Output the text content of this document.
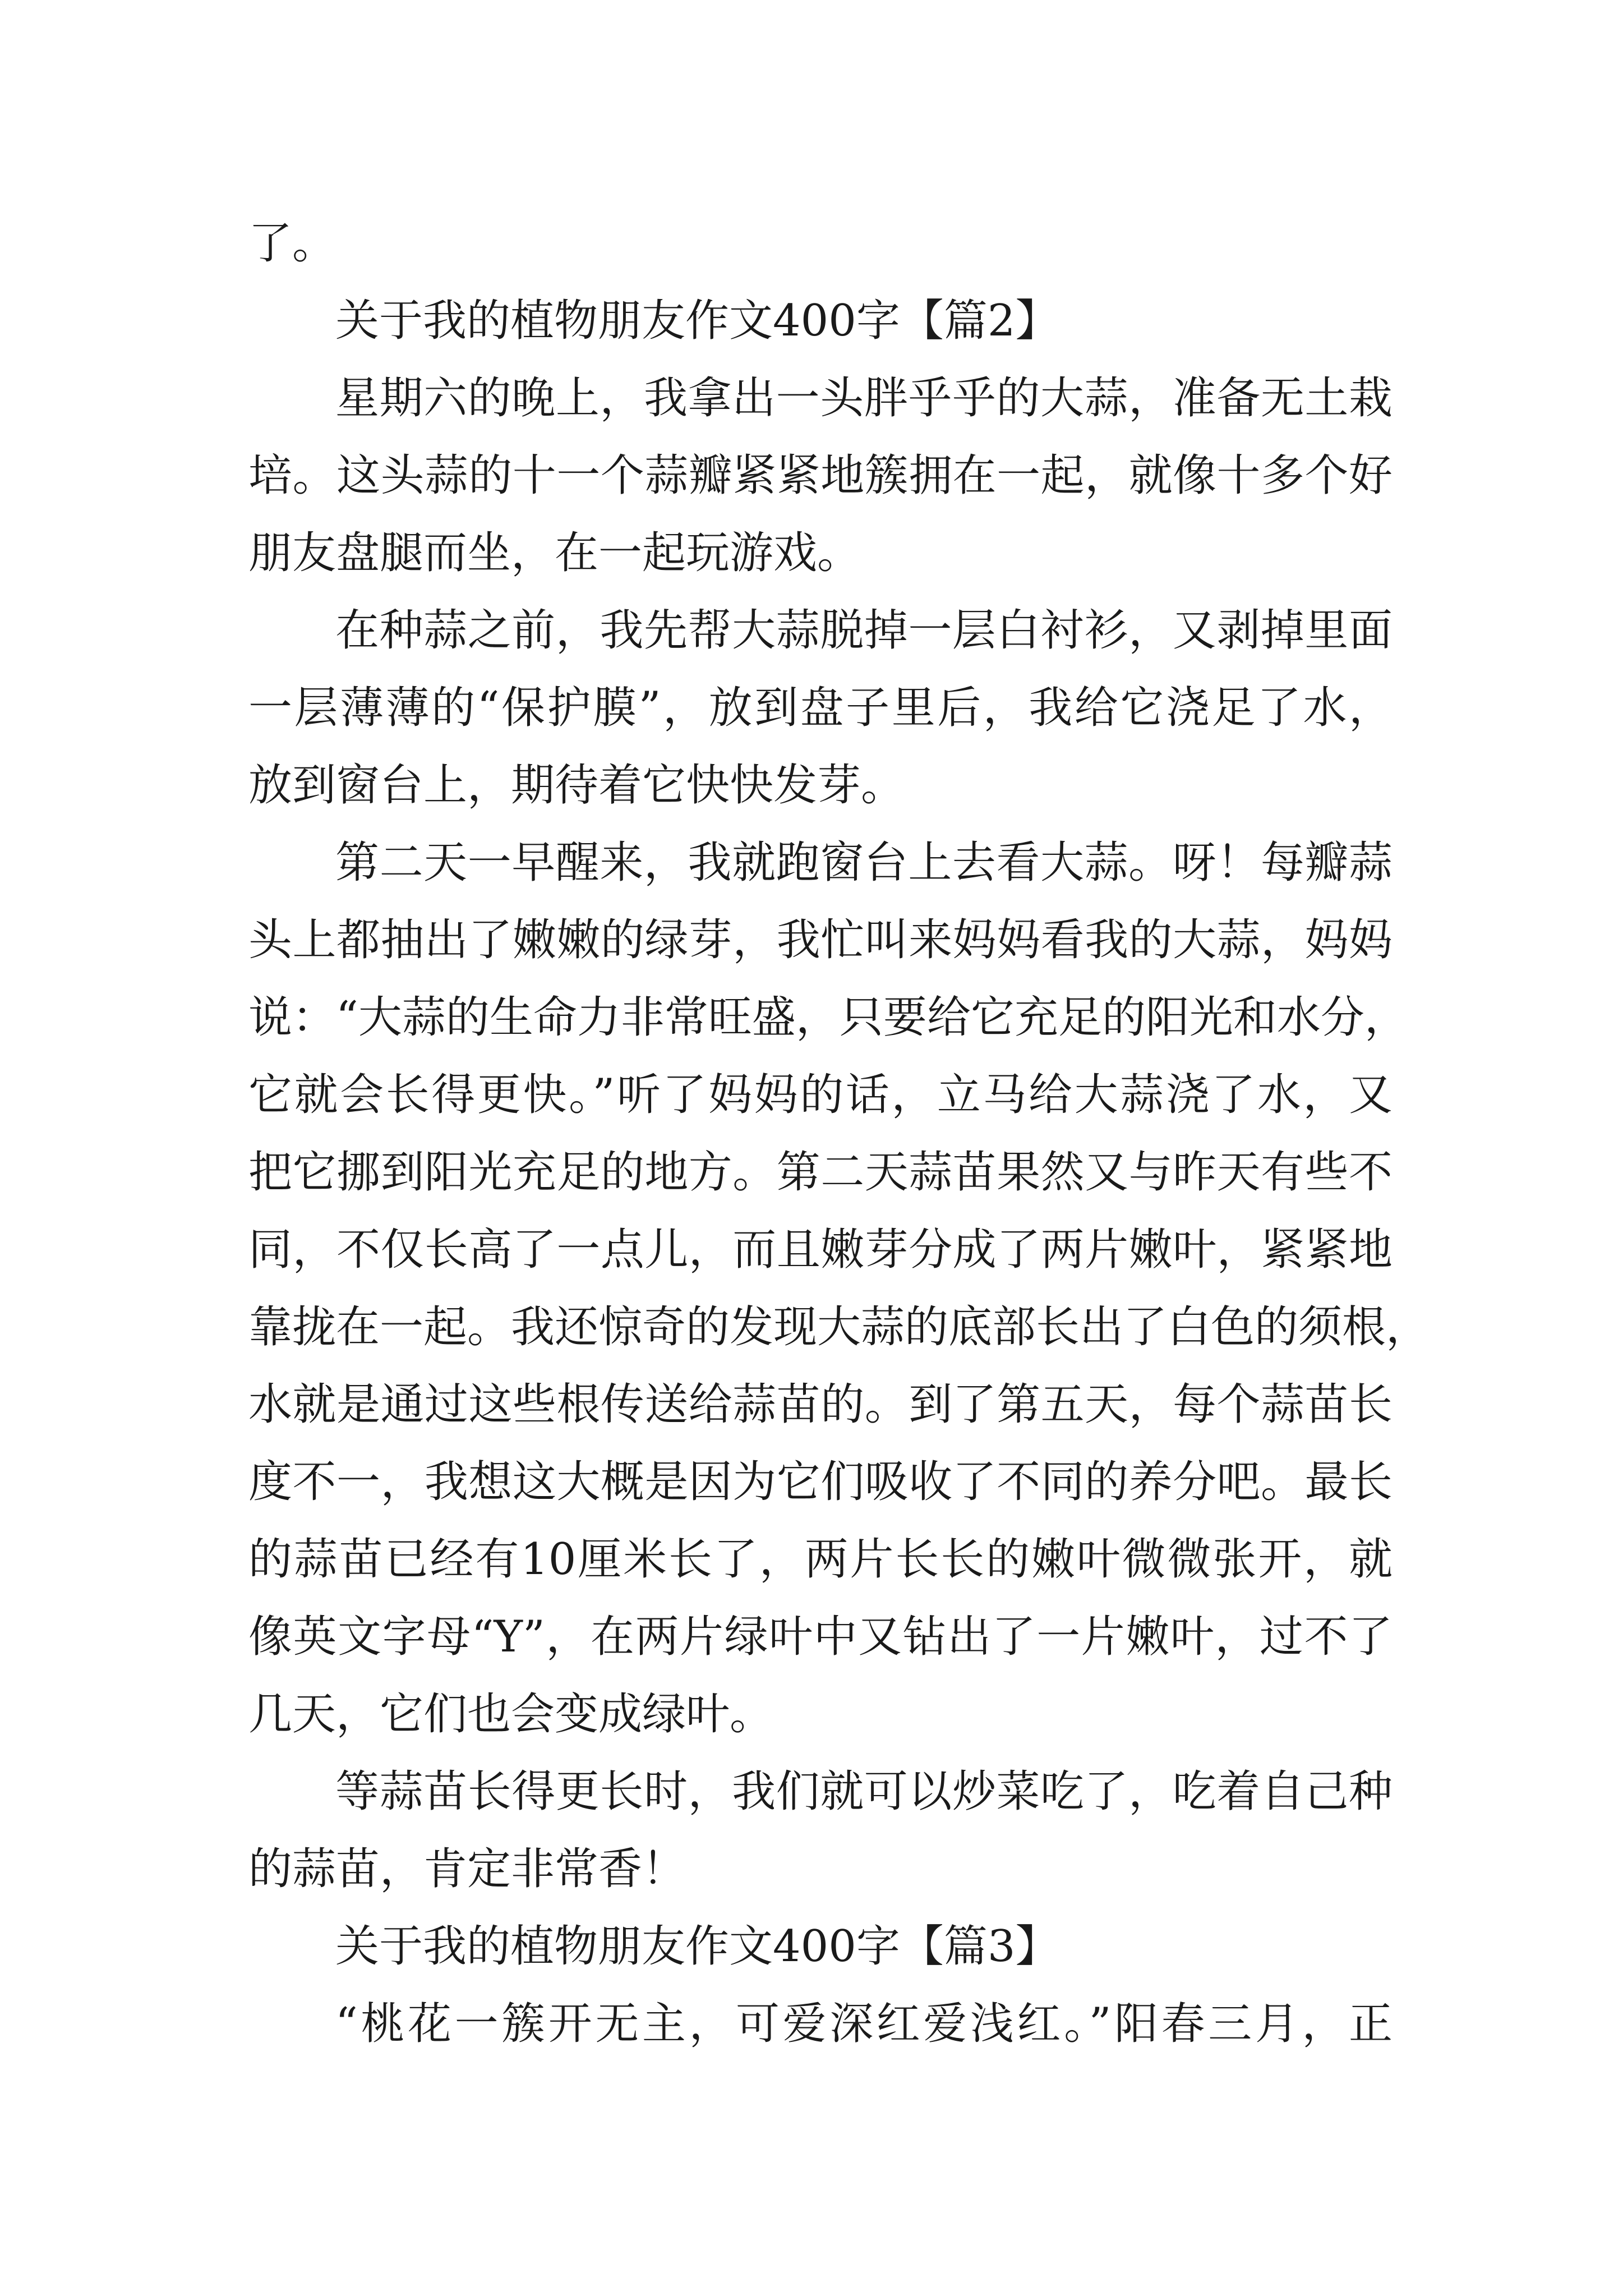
了。
关于我的植物朋友作文400字【篇2】
星期六的晚上，我拿出一头胖乎乎的大蒜，准备无土栽
培。这头蒜的十一个蒜瓣紧紧地簇拥在一起，就像十多个好
朋友盘腿而坐，在一起玩游戏。
在种蒜之前，我先帮大蒜脱掉一层白衬衫，又剥掉里面
一层薄薄的“保护膜”，放到盘子里后，我给它浇足了水，
放到窗台上，期待着它快快发芽。
第二天一早醒来，我就跑窗台上去看大蒜。呀！每瓣蒜
头上都抽出了嫩嫩的绿芽，我忙叫来妈妈看我的大蒜，妈妈
说：“大蒜的生命力非常旺盛，只要给它充足的阳光和水分，
它就会长得更快。”听了妈妈的话，立马给大蒜浇了水，又
把它挪到阳光充足的地方。第二天蒜苗果然又与昨天有些不
同，不仅长高了一点儿，而且嫩芽分成了两片嫩叶，紧紧地
靠拢在一起。我还惊奇的发现大蒜的底部长出了白色的须根，
水就是通过这些根传送给蒜苗的。到了第五天，每个蒜苗长
度不一，我想这大概是因为它们吸收了不同的养分吧。最长
的蒜苗已经有10厘米长了，两片长长的嫩叶微微张开，就
像英文字母“Y”，在两片绿叶中又钻出了一片嫩叶，过不了
几天，它们也会变成绿叶。
等蒜苗长得更长时，我们就可以炒菜吃了，吃着自己种
的蒜苗，肯定非常香！
关于我的植物朋友作文400字【篇3】
“桃花一簇开无主，可爱深红爱浅红。”阳春三月，正
